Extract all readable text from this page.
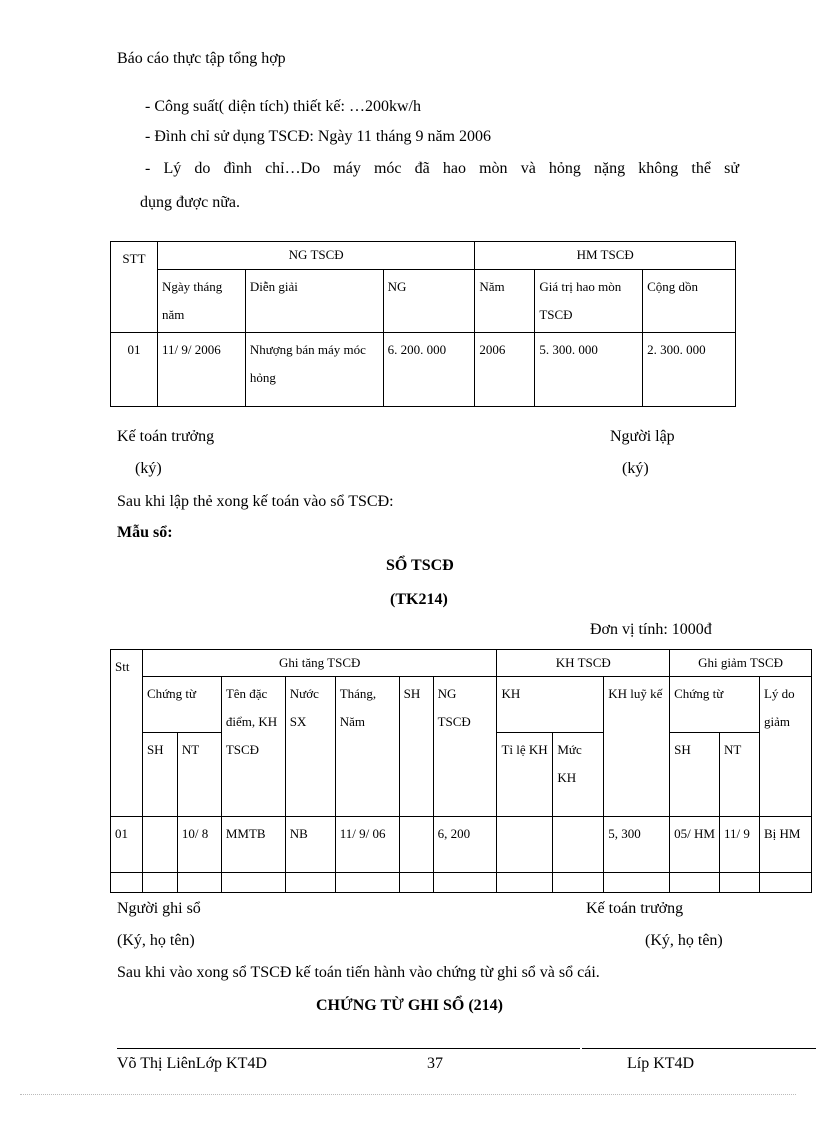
Báo cáo thực tập tổng hợp
- Công suất( diện tích) thiết kế: …200kw/h
- Đình chỉ sử dụng TSCĐ: Ngày 11 tháng 9 năm 2006
- Lý do đình chỉ…Do máy móc đã hao mòn và hỏng nặng không thể sử
dụng được nữa.
STT	NG TSCĐ			HM TSCĐ		
	Ngày tháng năm	Diễn giải	NG	Năm	Giá trị hao mòn TSCĐ	Cộng dồn
01	11/ 9/ 2006	Nhượng bán máy móc hỏng	6. 200. 000	2006	5. 300. 000	2. 300. 000
Kế toán trưởng
(ký)
Người lập
(ký)
Sau khi lập thẻ xong kế toán vào sổ TSCĐ:
Mẫu sổ:
SỔ TSCĐ
(TK214)
Đơn vị tính: 1000đ
Stt	Ghi tăng TSCĐ							KH TSCĐ			Ghi giảm TSCĐ		
	Chứng từ		Tên đặc điểm, KH TSCĐ	Nước SX	Tháng, Năm	SH	NG TSCĐ	KH		KH luỹ kế	Chứng từ		Lý do giảm
	SH	NT						Tỉ lệ KH	Mức KH		SH	NT	

01		10/ 8	MMTB	NB	11/ 9/ 06		6, 200			5, 300	05/ HM	11/ 9	Bị HM

Người ghi sổ
(Ký, họ tên)
Kế toán trưởng
(Ký, họ tên)
Sau khi vào xong sổ TSCĐ kế toán tiến hành vào chứng từ ghi sổ và sổ cái.
CHỨNG TỪ GHI SỔ (214)
Võ Thị LiênLớp KT4D	37	Líp KT4D
